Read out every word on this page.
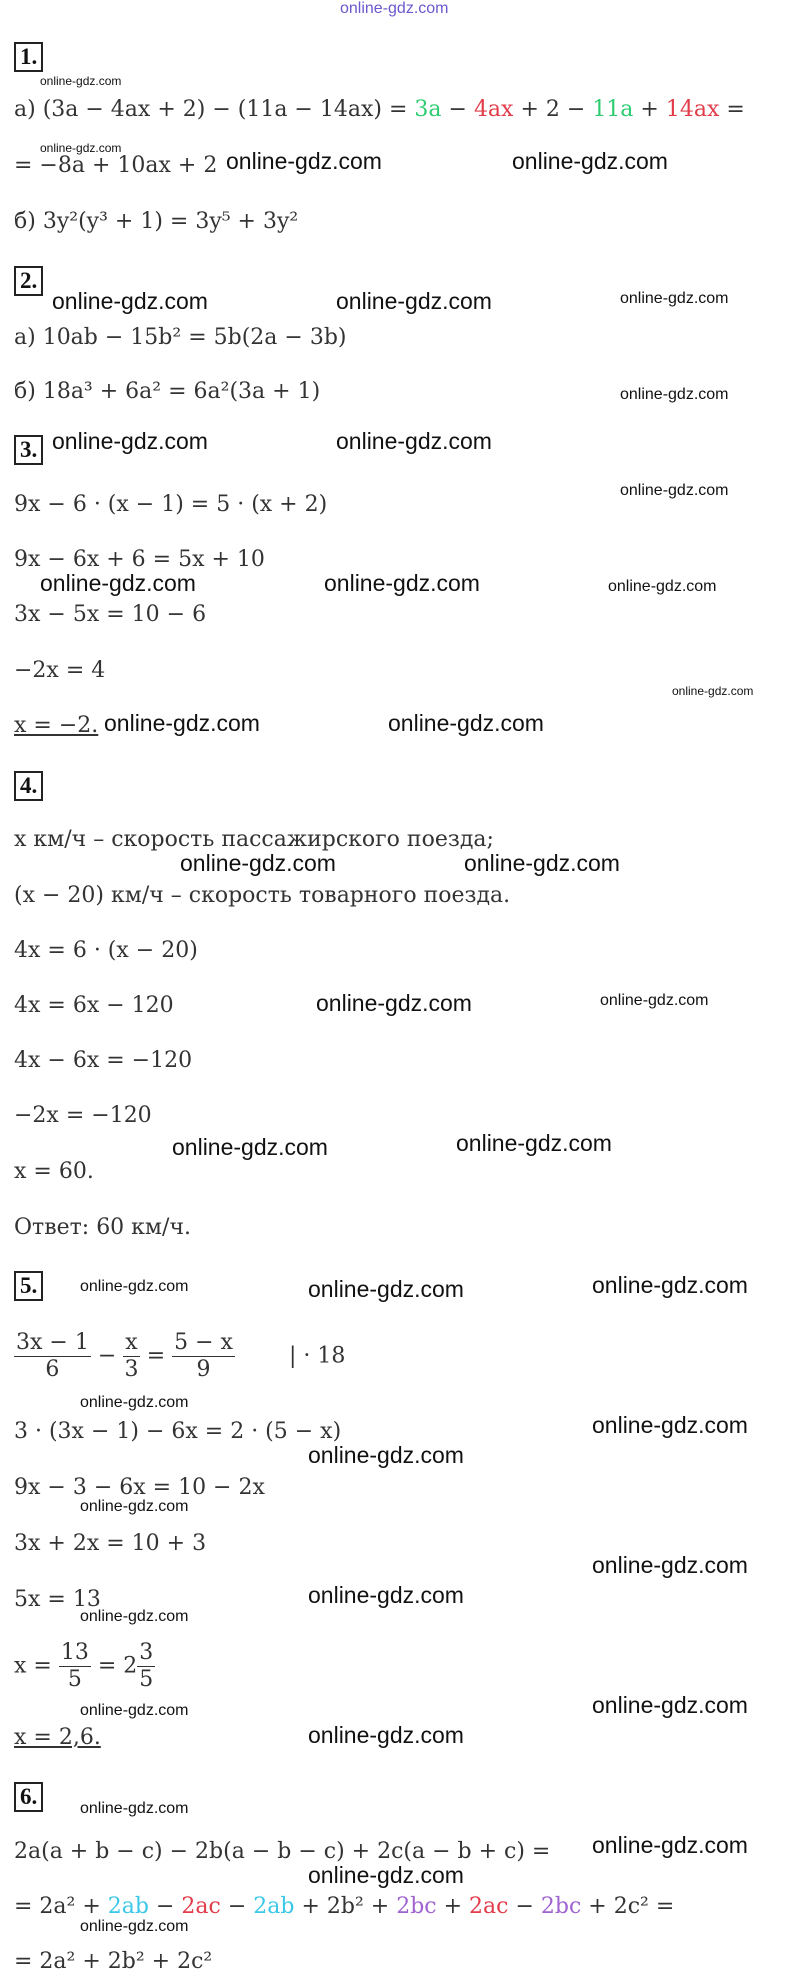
online-gdz.com
1.
online-gdz.com
а) (3a − 4ax + 2) − (11a − 14ax) = 3a − 4ax + 2 − 11a + 14ax =
online-gdz.com
= −8a + 10ax + 2 online-gdz.com	online-gdz.com
б) 3y²(y³ + 1) = 3y⁵ + 3y²
2.
online-gdz.com	online-gdz.com	online-gdz.com
а) 10ab − 15b² = 5b(2a − 3b)
б) 18a³ + 6a² = 6a²(3a + 1)	online-gdz.com
3. online-gdz.com	online-gdz.com
online-gdz.com
9x − 6 · (x − 1) = 5 · (x + 2)
9x − 6x + 6 = 5x + 10
online-gdz.com	online-gdz.com	online-gdz.com
3x − 5x = 10 − 6
−2x = 4
online-gdz.com
x = −2. online-gdz.com	online-gdz.com
4.
x км/ч – скорость пассажирского поезда;
online-gdz.com	online-gdz.com
(x − 20) км/ч – скорость товарного поезда.
4x = 6 · (x − 20)
4x = 6x − 120	online-gdz.com	online-gdz.com
4x − 6x = −120
−2x = −120
online-gdz.com	online-gdz.com
x = 60.
Ответ: 60 км/ч.
5.	online-gdz.com	online-gdz.com	online-gdz.com
$\frac{3x - 1}{6} - \frac{x}{3} = \frac{5 - x}{9}$ | · 18
online-gdz.com
3 · (3x − 1) − 6x = 2 · (5 − x)	online-gdz.com
online-gdz.com
9x − 3 − 6x = 10 − 2x
online-gdz.com
3x + 2x = 10 + 3
online-gdz.com
5x = 13	online-gdz.com
online-gdz.com
$x = \frac{13}{5} = 2 \frac{3}{5}$
online-gdz.com	online-gdz.com
x = 2,6.	online-gdz.com
6.	online-gdz.com
2a(a + b − c) − 2b(a − b − c) + 2c(a − b + c) = online-gdz.com
online-gdz.com
= 2a² + 2ab − 2ac − 2ab + 2b² + 2bc + 2ac − 2bc + 2c² =
online-gdz.com
= 2a² + 2b² + 2c²
